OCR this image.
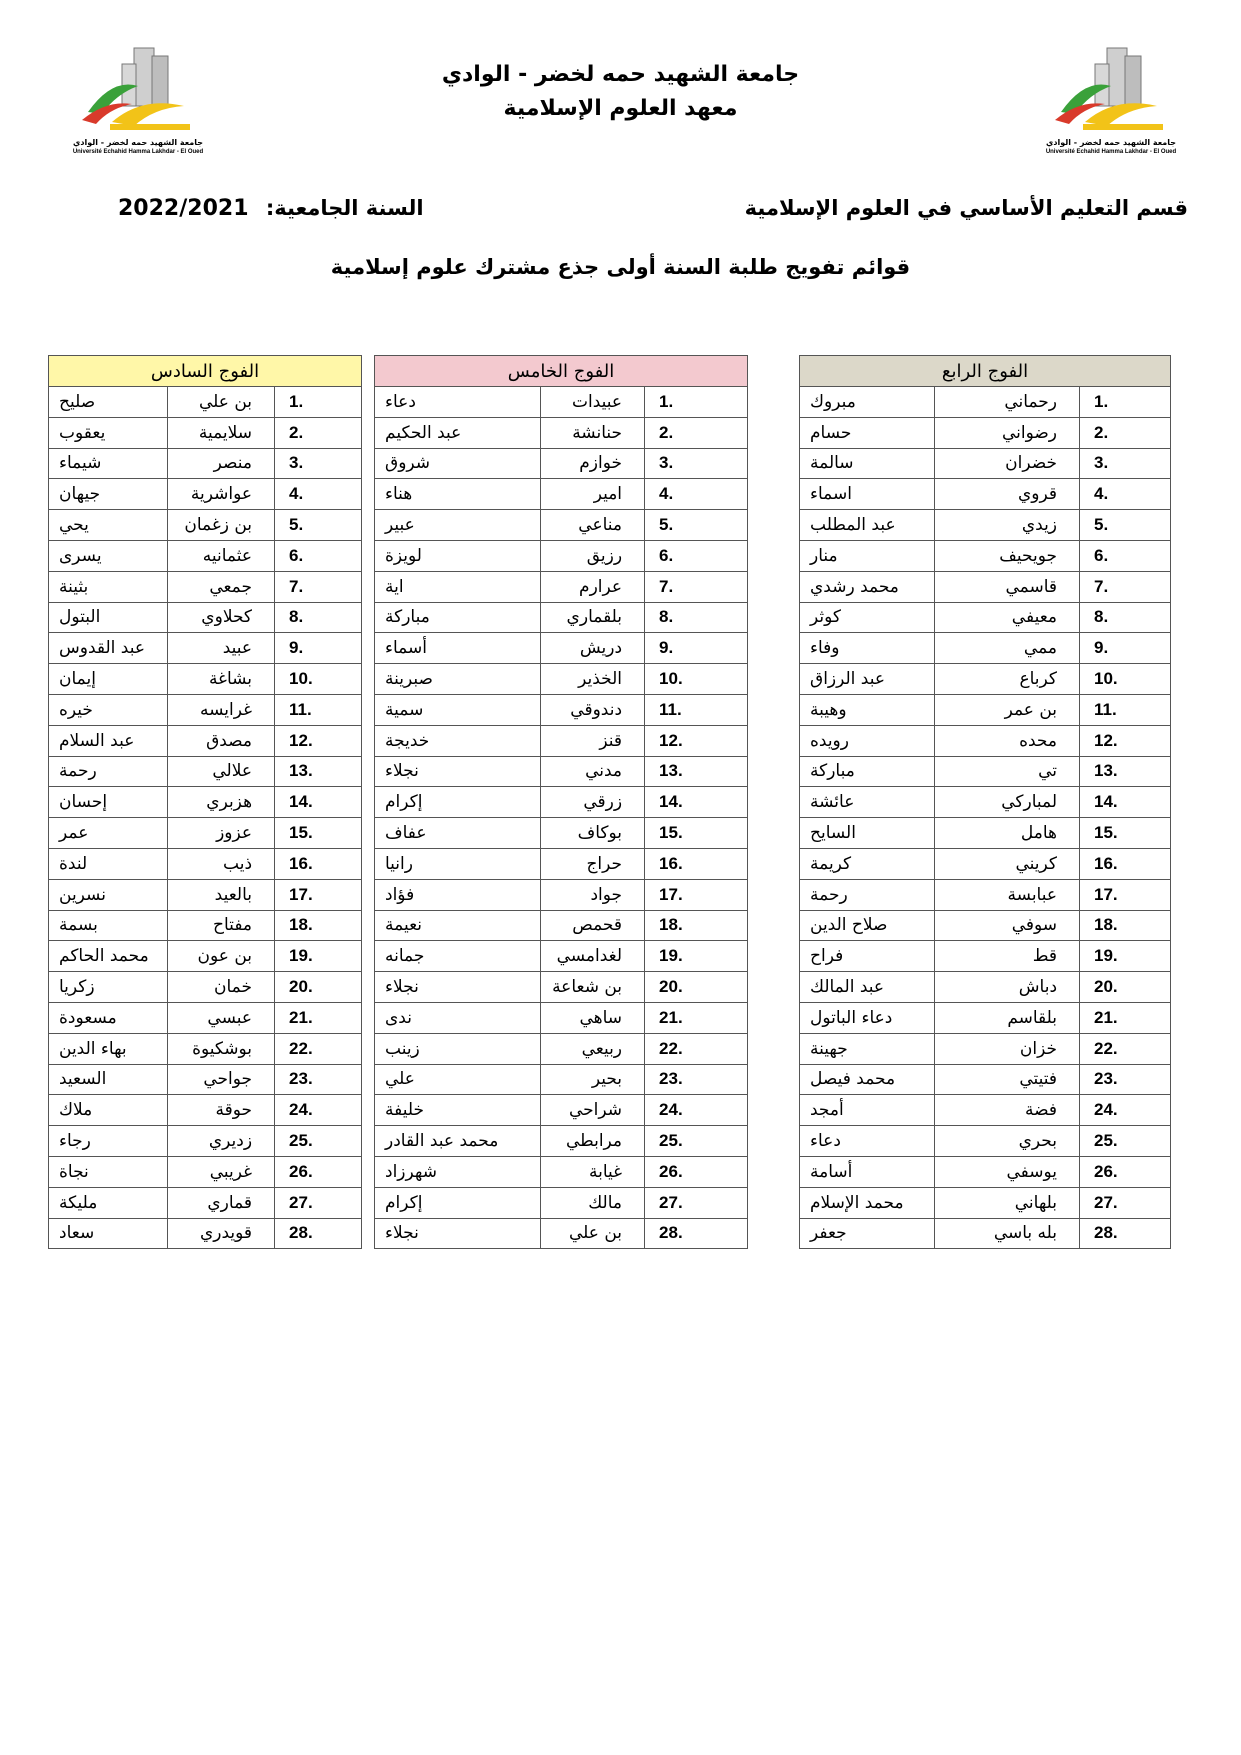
جامعة الشهيد حمه لخضر - الوادي
Université Echahid Hamma Lakhdar - El Oued
جامعة الشهيد حمه لخضر - الوادي
Université Echahid Hamma Lakhdar - El Oued
جامعة الشهيد حمه لخضر - الوادي
معهد العلوم الإسلامية
قسم التعليم الأساسي في العلوم الإسلامية
2022/2021 السنة الجامعية:
قوائم تفويج طلبة السنة أولى جذع مشترك علوم إسلامية
الفوج الرابع		
1.	رحماني	مبروك
2.	رضواني	حسام
3.	خضران	سالمة
4.	قروي	اسماء
5.	زيدي	عبد المطلب
6.	جويحيف	منار
7.	قاسمي	محمد رشدي
8.	معيفي	كوثر
9.	ممي	وفاء
10.	كرباع	عبد الرزاق
11.	بن عمر	وهيبة
12.	محده	رويده
13.	تي	مباركة
14.	لمباركي	عائشة
15.	هامل	السايح
16.	كريني	كريمة
17.	عبابسة	رحمة
18.	سوفي	صلاح الدين
19.	قط	فراح
20.	دباش	عبد المالك
21.	بلقاسم	دعاء الباتول
22.	خزان	جهينة
23.	فتيتي	محمد فيصل
24.	فضة	أمجد
25.	بحري	دعاء
26.	يوسفي	أسامة
27.	بلهاني	محمد الإسلام
28.	بله باسي	جعفر
الفوج الخامس		
1.	عبيدات	دعاء
2.	حنانشة	عبد الحكيم
3.	خوازم	شروق
4.	امير	هناء
5.	مناعي	عبير
6.	رزيق	لويزة
7.	عرارم	اية
8.	بلقماري	مباركة
9.	دريش	أسماء
10.	الخذير	صبرينة
11.	دندوقي	سمية
12.	قنز	خديجة
13.	مدني	نجلاء
14.	زرقي	إكرام
15.	بوكاف	عفاف
16.	حراج	رانيا
17.	جواد	فؤاد
18.	قحمص	نعيمة
19.	لغدامسي	جمانه
20.	بن شعاعة	نجلاء
21.	ساهي	ندى
22.	ربيعي	زينب
23.	بحير	علي
24.	شراحي	خليفة
25.	مرابطي	محمد عبد القادر
26.	غيابة	شهرزاد
27.	مالك	إكرام
28.	بن علي	نجلاء
الفوج السادس		
1.	بن علي	صليح
2.	سلايمية	يعقوب
3.	منصر	شيماء
4.	عواشرية	جيهان
5.	بن زغمان	يحي
6.	عثمانيه	يسرى
7.	جمعي	بثينة
8.	كحلاوي	البتول
9.	عبيد	عبد القدوس
10.	بشاغة	إيمان
11.	غرايسه	خيره
12.	مصدق	عبد السلام
13.	علالي	رحمة
14.	هزبري	إحسان
15.	عزوز	عمر
16.	ذيب	لندة
17.	بالعيد	نسرين
18.	مفتاح	بسمة
19.	بن عون	محمد الحاكم
20.	خمان	زكريا
21.	عبسي	مسعودة
22.	بوشكيوة	بهاء الدين
23.	جواحي	السعيد
24.	حوقة	ملاك
25.	زديري	رجاء
26.	غريبي	نجاة
27.	قماري	مليكة
28.	قويدري	سعاد
